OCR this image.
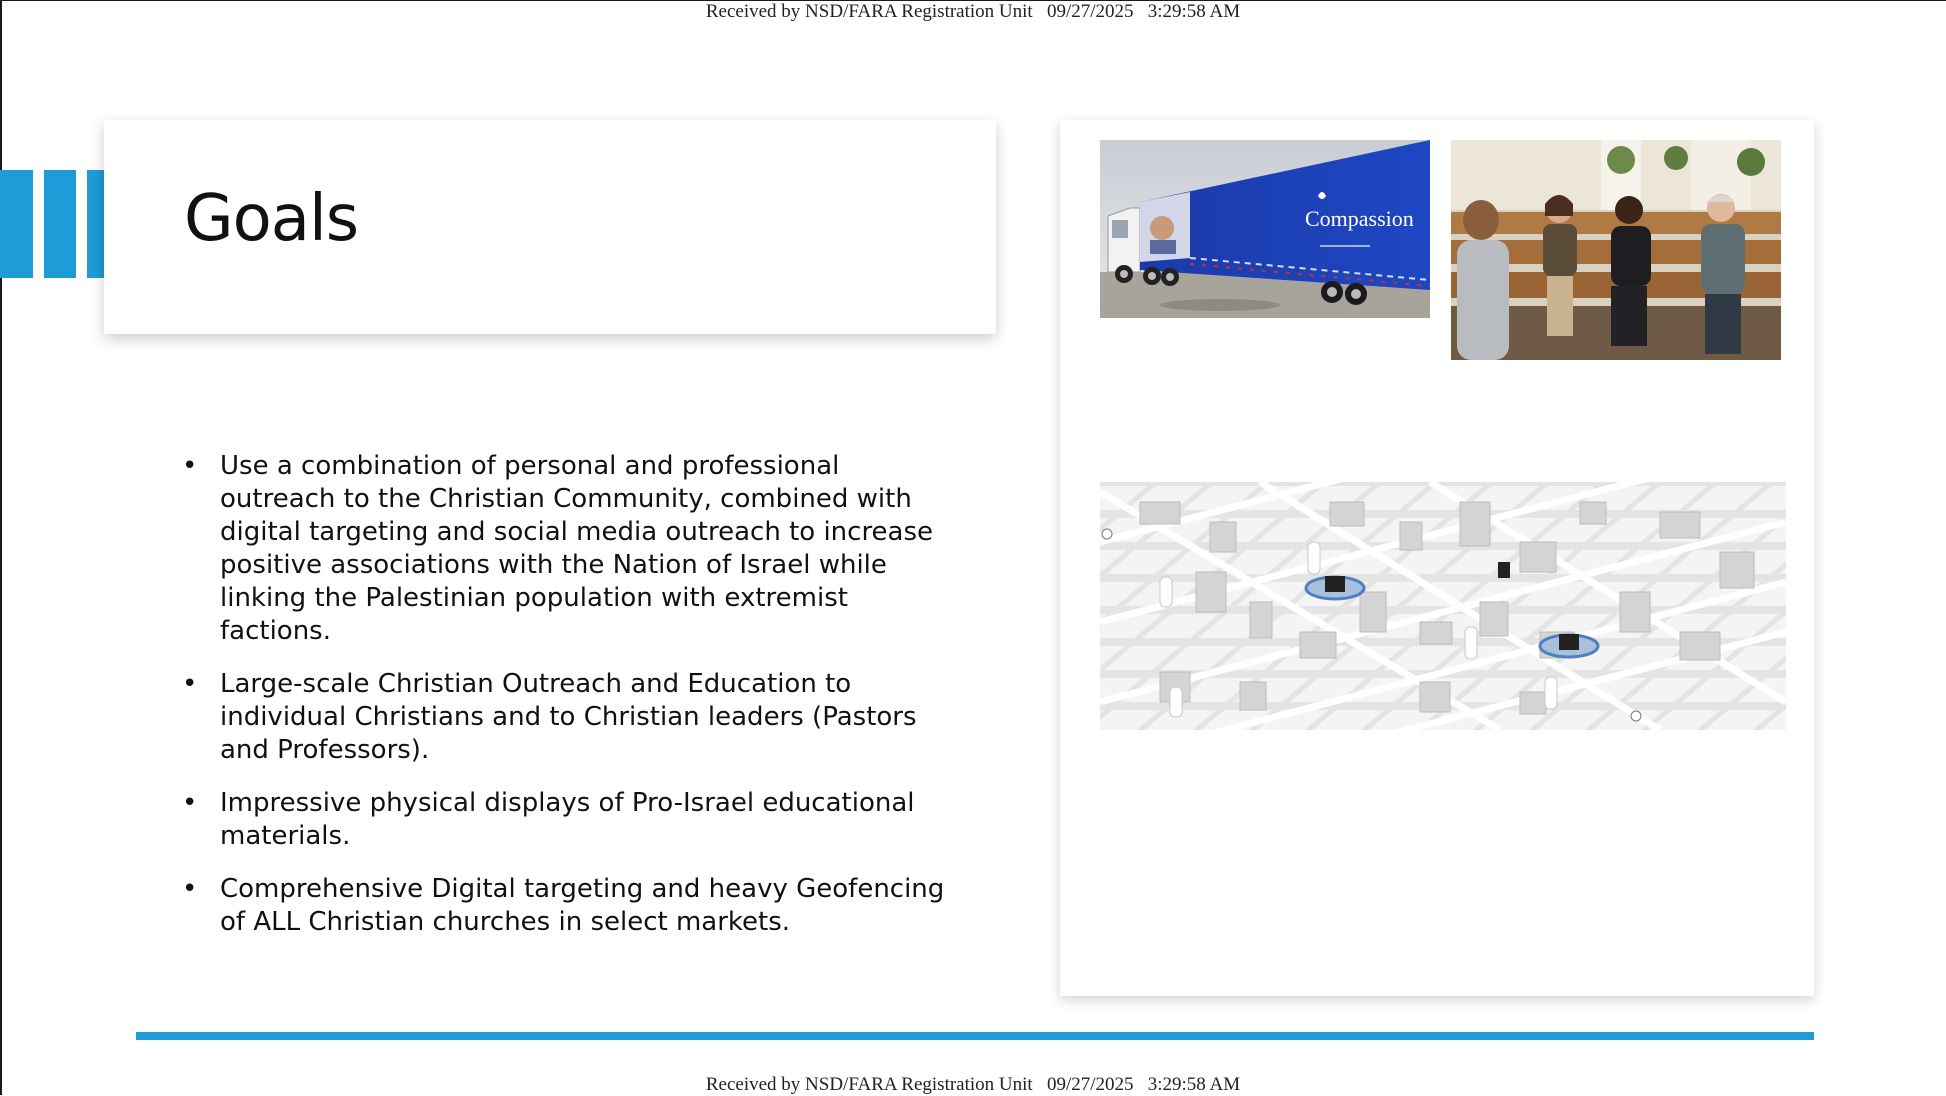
Received by NSD/FARA Registration Unit   09/27/2025   3:29:58 AM
Goals
• Use a combination of personal and professional outreach to the Christian Community, combined with digital targeting and social media outreach to increase positive associations with the Nation of Israel while linking the Palestinian population with extremist factions.
• Large-scale Christian Outreach and Education to individual Christians and to Christian leaders (Pastors and Professors).
• Impressive physical displays of Pro-Israel educational materials.
• Comprehensive Digital targeting and heavy Geofencing of ALL Christian churches in select markets.
Compassion
Received by NSD/FARA Registration Unit   09/27/2025   3:29:58 AM
